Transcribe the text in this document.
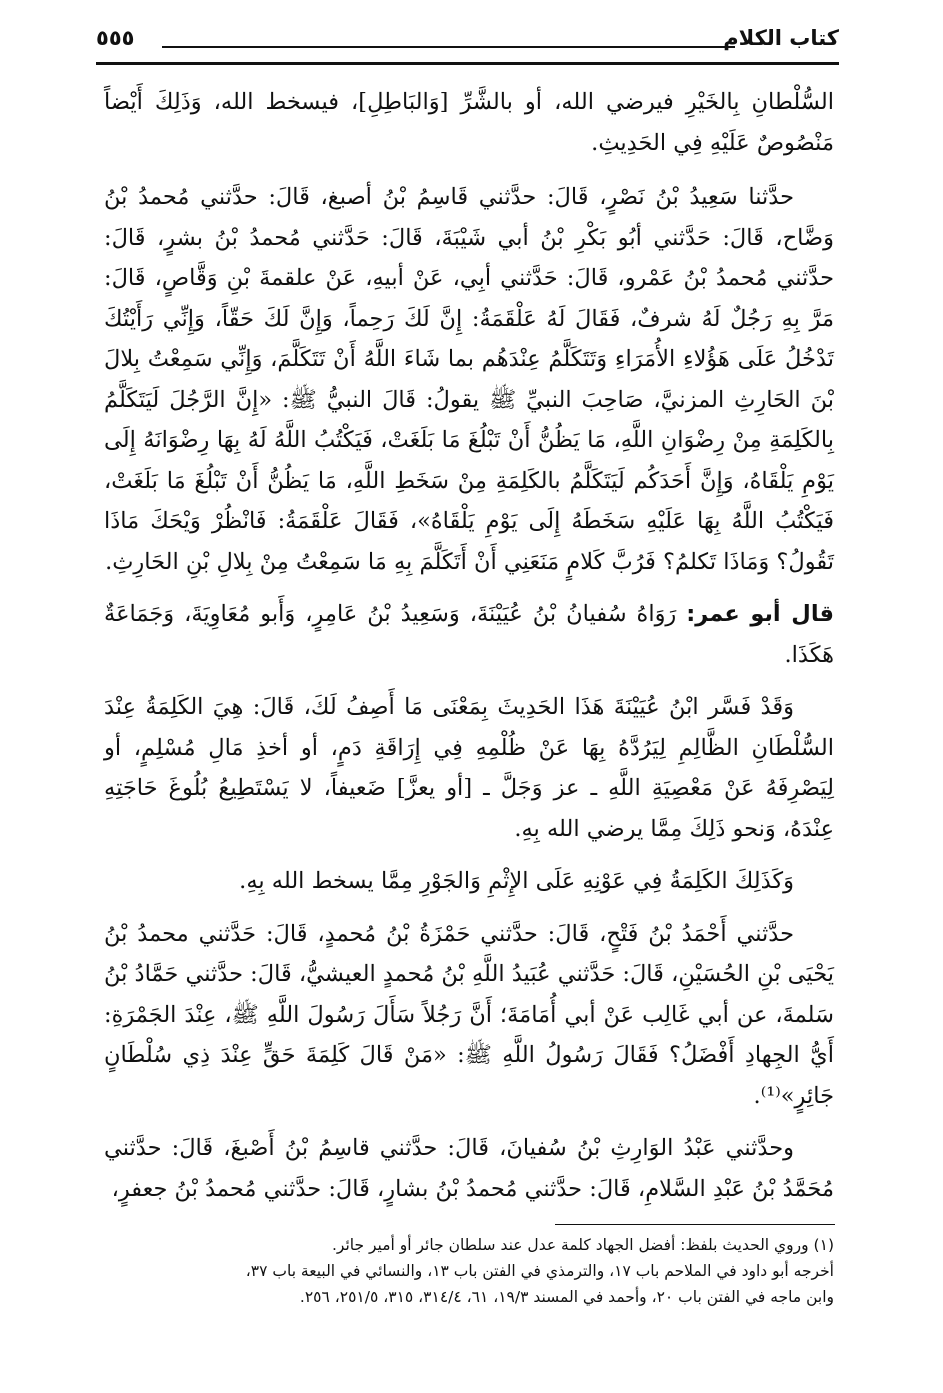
كتاب الكلام
٥٥٥

السُّلْطانِ بِالخَيْرِ فيرضي الله، أو بالشَّرِّ [وَالبَاطِلِ]، فيسخط الله، وَذَلِكَ أَيْضاً مَنْصُوصٌ عَلَيْهِ فِي الحَدِيثِ.

حدَّثنا سَعِيدُ بْنُ نَصْرٍ، قَالَ: حدَّثني قَاسِمُ بْنُ أصبغ، قَالَ: حدَّثني مُحمدُ بْنُ وَضَّاح، قَالَ: حَدَّثني أبُو بَكْرِ بْنُ أبي شَيْبَةَ، قَالَ: حَدَّثني مُحمدُ بْنُ بشرٍ، قَالَ: حدَّثني مُحمدُ بْنُ عَمْرو، قَالَ: حَدَّثني أبِي، عَنْ أبيهِ، عَنْ علقمةَ بْنِ وَقَّاصٍ، قَالَ: مَرَّ بِهِ رَجُلٌ لَهُ شرفٌ، فَقَالَ لَهُ عَلْقَمَةُ: إِنَّ لَكَ رَحِماً، وَإِنَّ لَكَ حَقّاً، وَإِنِّي رَأَيْتُكَ تَدْخُلُ عَلَى هَؤُلاءِ الأُمَرَاءِ وَتَتَكَلَّمُ عِنْدَهُم بما شَاءَ اللَّهُ أَنْ تَتَكَلَّمَ، وَإِنِّي سَمِعْتُ بِلالَ بْنَ الحَارِثِ المزنيَّ، صَاحِبَ النبيِّ ﷺ يقولُ: قَالَ النبيُّ ﷺ: «إِنَّ الرَّجُلَ لَيَتَكَلَّمُ بِالكَلِمَةِ مِنْ رِضْوَانِ اللَّهِ، مَا يَظُنُّ أَنْ تَبْلُغَ مَا بَلَغَتْ، فَيَكْتُبُ اللَّهُ لَهُ بِهَا رِضْوَانَهُ إِلَى يَوْمِ يَلْقَاهُ، وَإِنَّ أَحَدَكُم لَيَتَكَلَّمُ بالكَلِمَةِ مِنْ سَخَطِ اللَّهِ، مَا يَظُنُّ أَنْ تَبْلُغَ مَا بَلَغَتْ، فَيَكْتُبُ اللَّهُ بِهَا عَلَيْهِ سَخَطَهُ إِلَى يَوْمِ يَلْقَاهُ»، فَقَالَ عَلْقَمَةُ: فَانْظُرْ وَيْحَكَ مَاذَا تَقُولُ؟ وَمَاذَا تَكلمُ؟ فَرُبَّ كَلامٍ مَنَعَنِي أَنْ أَتَكَلَّمَ بِهِ مَا سَمِعْتُ مِنْ بِلالِ بْنِ الحَارِثِ.

قال أبو عمر: رَوَاهُ سُفيانُ بْنُ عُيَيْنَةَ، وَسَعِيدُ بْنُ عَامِرٍ، وَأَبو مُعَاوِيَةَ، وَجَمَاعَةٌ هَكَذَا.

وَقَدْ فَسَّر ابْنُ عُيَيْنَةَ هَذَا الحَدِيثَ بِمَعْنَى مَا أَصِفُ لَكَ، قَالَ: هِيَ الكَلِمَةُ عِنْدَ السُّلْطَانِ الظَّالِمِ لِيَرُدَّهُ بِهَا عَنْ ظُلْمِهِ فِي إِرَاقَةِ دَمٍ، أو أخذِ مَالِ مُسْلِمٍ، أو لِيَصْرِفَهُ عَنْ مَعْصِيَةِ اللَّهِ ـ عز وَجَلَّ ـ [أو يعزَّ] ضَعيفاً، لا يَسْتَطِيعُ بُلُوغَ حَاجَتِهِ عِنْدَهُ، وَنحو ذَلِكَ مِمَّا يرضي الله بِهِ.

وَكَذَلِكَ الكَلِمَةُ فِي عَوْنِهِ عَلَى الإِثْمِ وَالجَوْرِ مِمَّا يسخط الله بِهِ.

حدَّثني أَحْمَدُ بْنُ فَتْحٍ، قَالَ: حدَّثني حَمْزَةُ بْنُ مُحمدٍ، قَالَ: حَدَّثني محمدُ بْنُ يَحْيَى بْنِ الحُسَيْنِ، قَالَ: حَدَّثني عُبَيدُ اللَّهِ بْنُ مُحمدٍ العيشيُّ، قَالَ: حدَّثني حَمَّادُ بْنُ سَلمةَ، عن أبي غَالِب عَنْ أبي أُمَامَةَ؛ أَنَّ رَجُلاً سَأَلَ رَسُولَ اللَّهِ ﷺ، عِنْدَ الجَمْرَةِ: أَيُّ الجِهادِ أَفْضَلُ؟ فَقَالَ رَسُولُ اللَّهِ ﷺ: «مَنْ قَالَ كَلِمَةَ حَقٍّ عِنْدَ ذِي سُلْطَانٍ جَائِرٍ»⁽¹⁾.

وحدَّثني عَبْدُ الوَارِثِ بْنُ سُفيانَ، قَالَ: حدَّثني قاسِمُ بْنُ أَصْبغَ، قَالَ: حدَّثني مُحَمَّدُ بْنُ عَبْدِ السَّلامِ، قَالَ: حدَّثني مُحمدُ بْنُ بشارٍ، قَالَ: حدَّثني مُحمدُ بْنُ جعفرٍ،

(١) وروي الحديث بلفظ: أفضل الجهاد كلمة عدل عند سلطان جائر أو أمير جائر.

أخرجه أبو داود في الملاحم باب ١٧، والترمذي في الفتن باب ١٣، والنسائي في البيعة باب ٣٧،

وابن ماجه في الفتن باب ٢٠، وأحمد في المسند ١٩/٣، ٦١، ٣١٤/٤، ٣١٥، ٢٥١/٥، ٢٥٦.
